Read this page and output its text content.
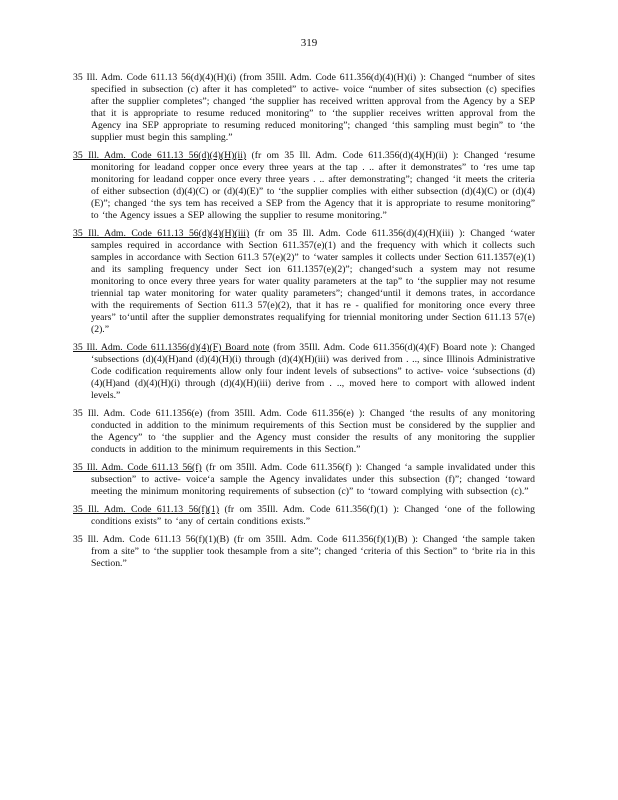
319

35 Ill. Adm. Code 611.13 56(d)(4)(H)(i) (from 35Ill. Adm. Code 611.356(d)(4)(H)(i) ): Changed “number of sites specified in subsection (c) after it has completed” to active- voice “number of sites subsection (c) specifies after the supplier completes”; changed ‘the supplier has received written approval from the Agency by a SEP that it is appropriate to resume reduced monitoring” to ‘the supplier receives written approval from the Agency ina SEP appropriate to resuming reduced monitoring”; changed ‘this sampling must begin” to ‘the supplier must begin this sampling.”

35 Ill. Adm. Code 611.13 56(d)(4)(H)(ii) (fr om 35 Ill. Adm. Code 611.356(d)(4)(H)(ii) ): Changed ‘resume monitoring for leadand copper once every three years at the tap . .. after it demonstrates” to ‘res ume tap monitoring for leadand copper once every three years . .. after demonstrating”; changed ‘it meets the criteria of either subsection (d)(4)(C) or (d)(4)(E)” to ‘the supplier complies with either subsection (d)(4)(C) or (d)(4)(E)”; changed ‘the sys tem has received a SEP from the Agency that it is appropriate to resume monitoring” to ‘the Agency issues a SEP allowing the supplier to resume monitoring.”

35 Ill. Adm. Code 611.13 56(d)(4)(H)(iii) (fr om 35 Ill. Adm. Code 611.356(d)(4)(H)(iii) ): Changed ‘water samples required in accordance with Section 611.357(e)(1) and the frequency with which it collects such samples in accordance with Section 611.3 57(e)(2)” to ‘water samples it collects under Section 611.1357(e)(1) and its sampling frequency under Sect ion 611.1357(e)(2)”; changed‘such a system may not resume monitoring to once every three years for water quality parameters at the tap” to ‘the supplier may not resume triennial tap water monitoring for water quality parameters”; changed‘until it demons trates, in accordance with the requirements of Section 611.3 57(e)(2), that it has re - qualified for monitoring once every three years” to‘until after the supplier demonstrates requalifying for triennial monitoring under Section 611.13 57(e)(2).”

35 Ill. Adm. Code 611.1356(d)(4)(F) Board note (from 35Ill. Adm. Code 611.356(d)(4)(F) Board note ): Changed ‘subsections (d)(4)(H)and (d)(4)(H)(i) through (d)(4)(H)(iii) was derived from . .., since Illinois Administrative Code codification requirements allow only four indent levels of subsections” to active- voice ‘subsections (d)(4)(H)and (d)(4)(H)(i) through (d)(4)(H)(iii) derive from . .., moved here to comport with allowed indent levels.”

35 Ill. Adm. Code 611.1356(e) (from 35Ill. Adm. Code 611.356(e) ): Changed ‘the results of any monitoring conducted in addition to the minimum requirements of this Section must be considered by the supplier and the Agency” to ‘the supplier and the Agency must consider the results of any monitoring the supplier conducts in addition to the minimum requirements in this Section.”

35 Ill. Adm. Code 611.13 56(f) (fr om 35Ill. Adm. Code 611.356(f) ): Changed ‘a sample invalidated under this subsection” to active- voice‘a sample the Agency invalidates under this subsection (f)”; changed ‘toward meeting the minimum monitoring requirements of subsection (c)” to ‘toward complying with subsection (c).”

35 Ill. Adm. Code 611.13 56(f)(1) (fr om 35Ill. Adm. Code 611.356(f)(1) ): Changed ‘one of the following conditions exists” to ‘any of certain conditions exists.”

35 Ill. Adm. Code 611.13 56(f)(1)(B) (fr om 35Ill. Adm. Code 611.356(f)(1)(B) ): Changed ‘the sample taken from a site” to ‘the supplier took thesample from a site”; changed ‘criteria of this Section” to ‘brite ria in this Section.”
